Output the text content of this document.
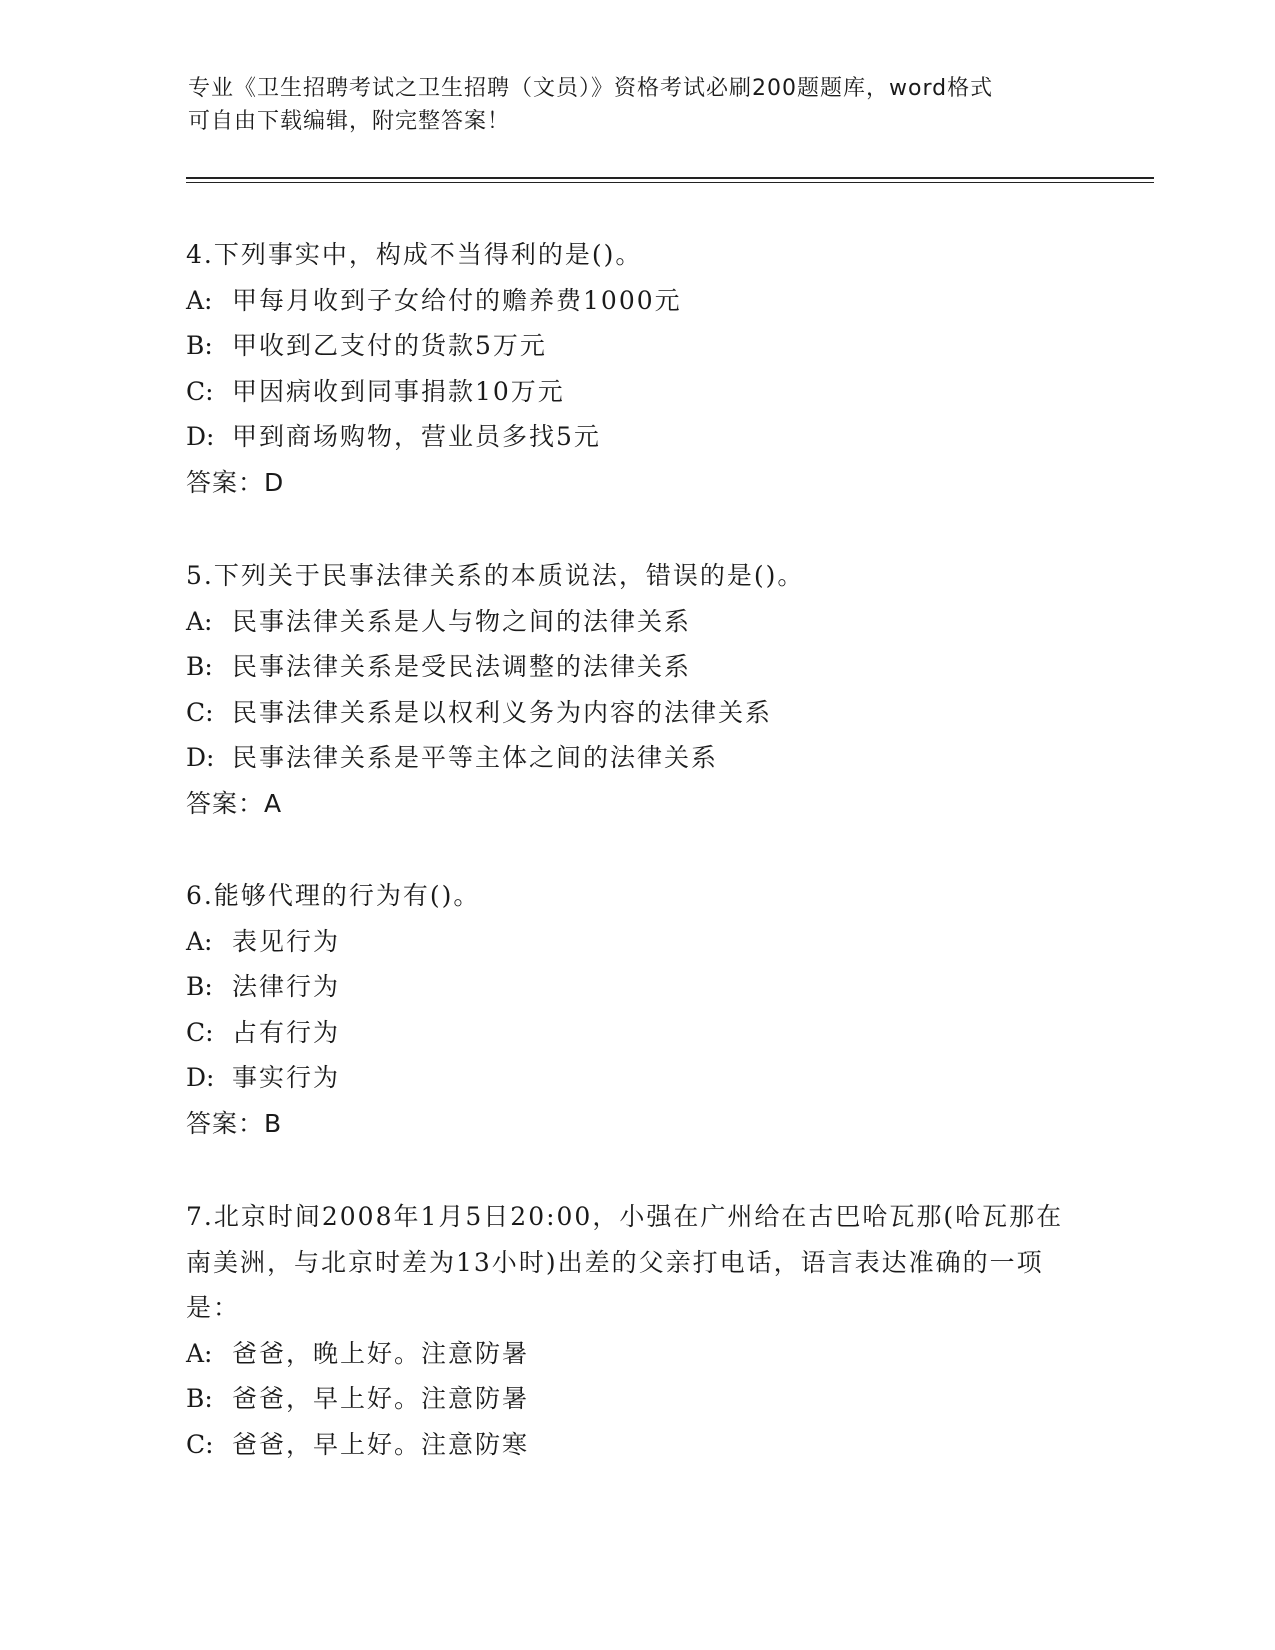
专业《卫生招聘考试之卫生招聘（文员）》资格考试必刷200题题库，word格式
可自由下载编辑，附完整答案！
4.下列事实中，构成不当得利的是()。
A: 甲每月收到子女给付的赡养费1000元
B: 甲收到乙支付的货款5万元
C: 甲因病收到同事捐款10万元
D: 甲到商场购物，营业员多找5元
答案：D
5.下列关于民事法律关系的本质说法，错误的是()。
A: 民事法律关系是人与物之间的法律关系
B: 民事法律关系是受民法调整的法律关系
C: 民事法律关系是以权利义务为内容的法律关系
D: 民事法律关系是平等主体之间的法律关系
答案：A
6.能够代理的行为有()。
A: 表见行为
B: 法律行为
C: 占有行为
D: 事实行为
答案：B
7.北京时间2008年1月5日20:00，小强在广州给在古巴哈瓦那(哈瓦那在南美洲，与北京时差为13小时)出差的父亲打电话，语言表达准确的一项是：
A: 爸爸，晚上好。注意防暑
B: 爸爸，早上好。注意防暑
C: 爸爸，早上好。注意防寒
